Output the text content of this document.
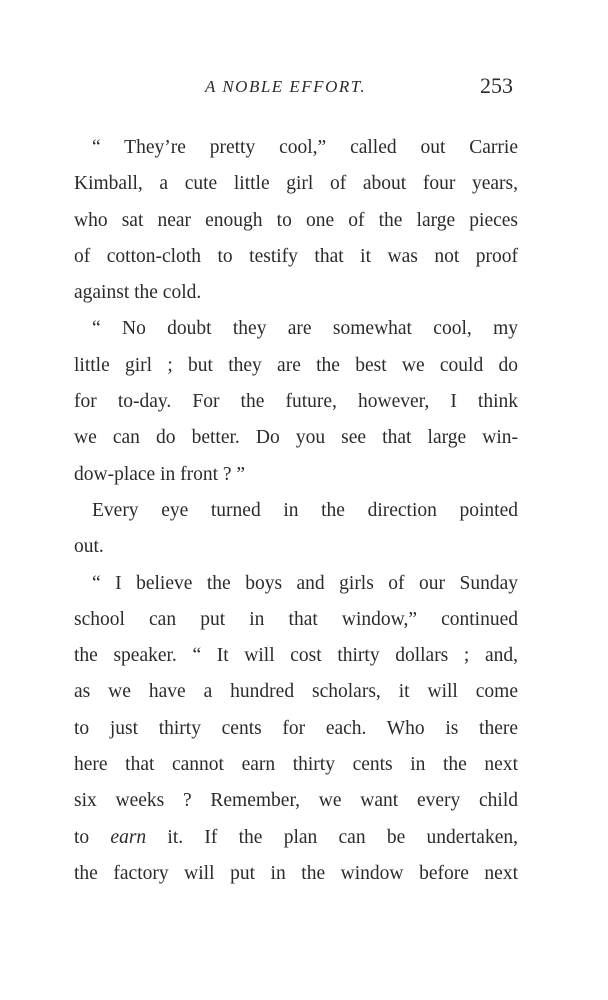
A NOBLE EFFORT.	253
“ They’re pretty cool,” called out Carrie
Kimball, a cute little girl of about four years,
who sat near enough to one of the large pieces
of cotton-cloth to testify that it was not proof
against the cold.
“ No doubt they are somewhat cool, my
little girl ; but they are the best we could do
for to-day. For the future, however, I think
we can do better. Do you see that large win-
dow-place in front ? ”
Every eye turned in the direction pointed
out.
“ I believe the boys and girls of our Sunday
school can put in that window,” continued
the speaker. “ It will cost thirty dollars ; and,
as we have a hundred scholars, it will come
to just thirty cents for each. Who is there
here that cannot earn thirty cents in the next
six weeks ? Remember, we want every child
to earn it. If the plan can be undertaken,
the factory will put in the window before next
